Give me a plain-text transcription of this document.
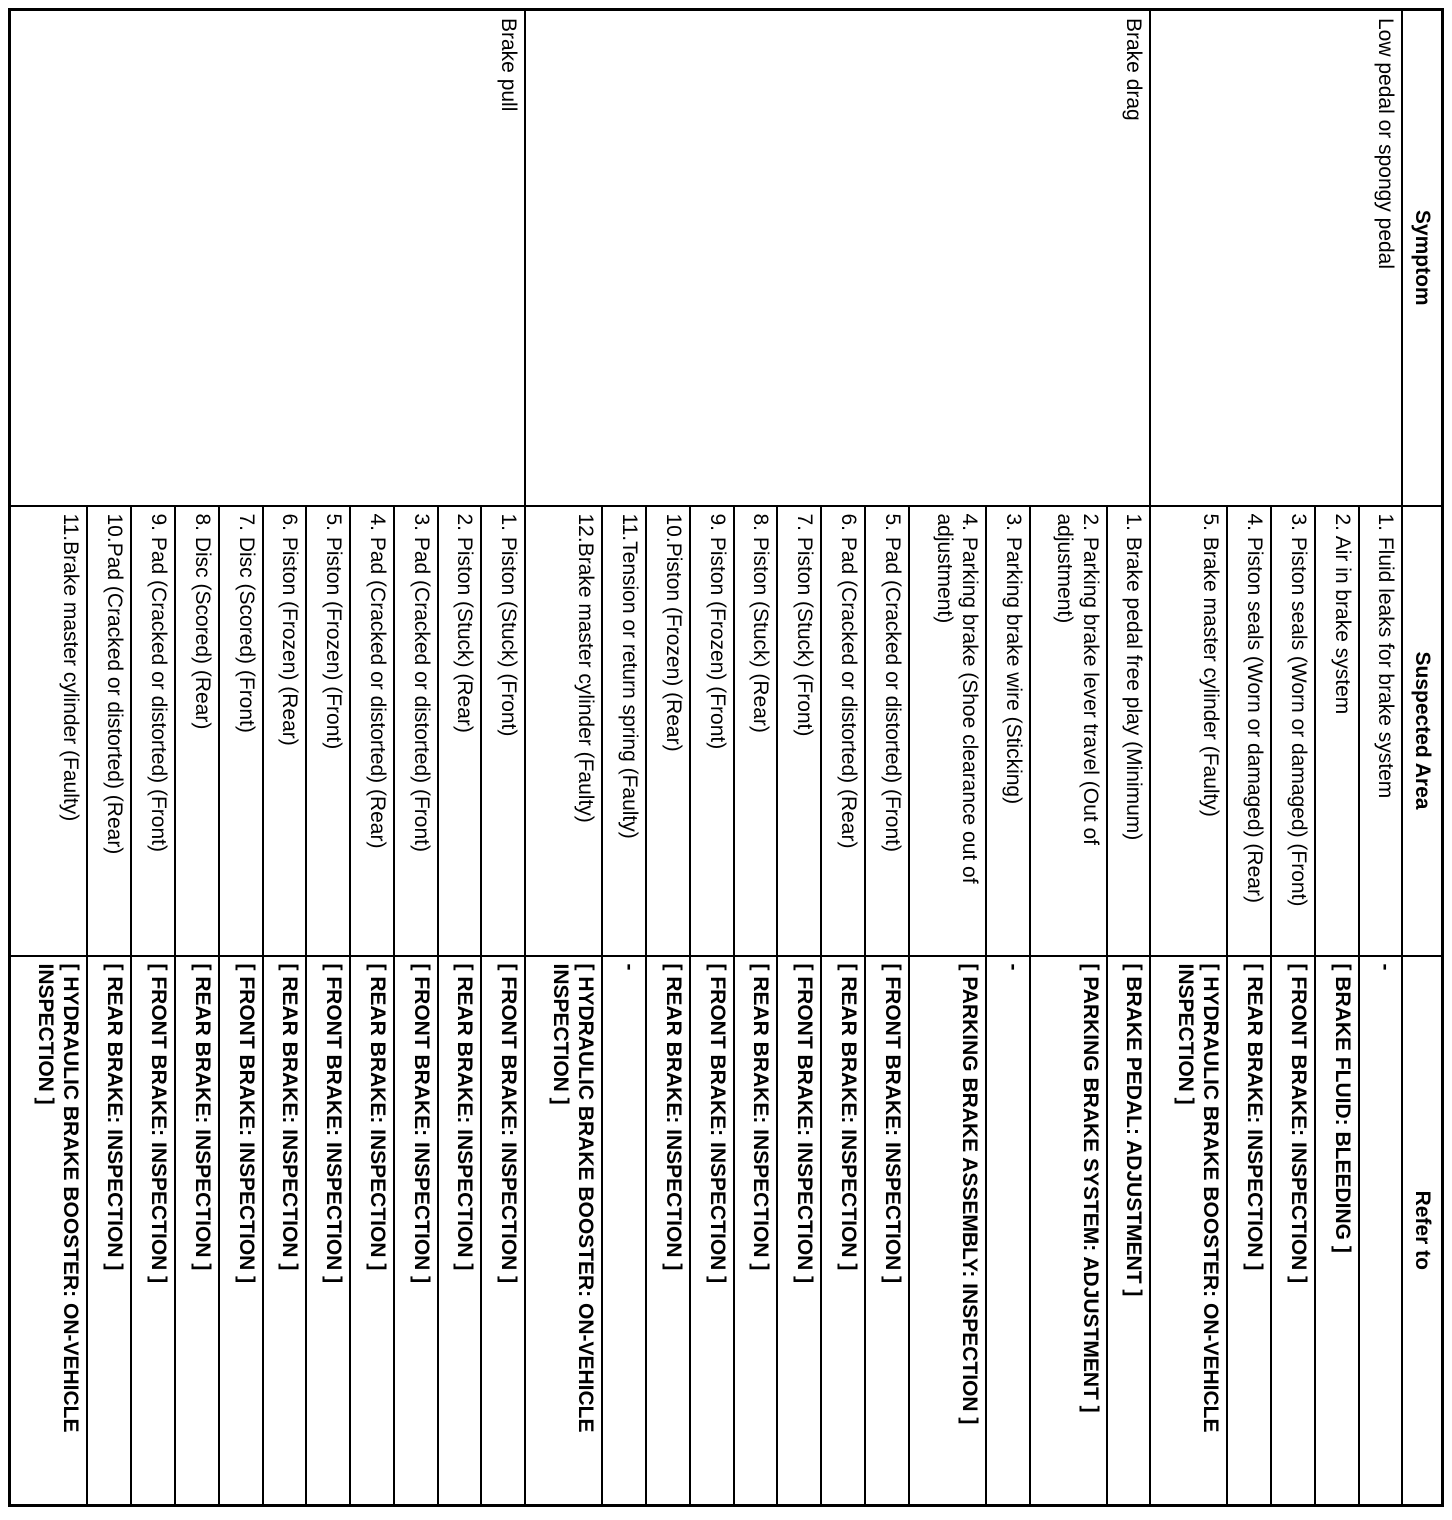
Symptom	Suspected Area	Refer to
Low pedal or spongy pedal	1. Fluid leaks for brake system	-
	2. Air in brake system	[ BRAKE FLUID: BLEEDING ]
	3. Piston seals (Worn or damaged) (Front)	[ FRONT BRAKE: INSPECTION ]
	4. Piston seals (Worn or damaged) (Rear)	[ REAR BRAKE: INSPECTION ]
	5. Brake master cylinder (Faulty)	[ HYDRAULIC BRAKE BOOSTER: ON-VEHICLE INSPECTION ]
Brake drag	1. Brake pedal free play (Minimum)	[ BRAKE PEDAL: ADJUSTMENT ]
	2. Parking brake lever travel (Out of adjustment)	[ PARKING BRAKE SYSTEM: ADJUSTMENT ]
	3. Parking brake wire (Sticking)	-
	4. Parking brake (Shoe clearance out of adjustment)	[ PARKING BRAKE ASSEMBLY: INSPECTION ]
	5. Pad (Cracked or distorted) (Front)	[ FRONT BRAKE: INSPECTION ]
	6. Pad (Cracked or distorted) (Rear)	[ REAR BRAKE: INSPECTION ]
	7. Piston (Stuck) (Front)	[ FRONT BRAKE: INSPECTION ]
	8. Piston (Stuck) (Rear)	[ REAR BRAKE: INSPECTION ]
	9. Piston (Frozen) (Front)	[ FRONT BRAKE: INSPECTION ]
	10.Piston (Frozen) (Rear)	[ REAR BRAKE: INSPECTION ]
	11.Tension or return spring (Faulty)	-
	12.Brake master cylinder (Faulty)	[ HYDRAULIC BRAKE BOOSTER: ON-VEHICLE INSPECTION ]
Brake pull	1. Piston (Stuck) (Front)	[ FRONT BRAKE: INSPECTION ]
	2. Piston (Stuck) (Rear)	[ REAR BRAKE: INSPECTION ]
	3. Pad (Cracked or distorted) (Front)	[ FRONT BRAKE: INSPECTION ]
	4. Pad (Cracked or distorted) (Rear)	[ REAR BRAKE: INSPECTION ]
	5. Piston (Frozen) (Front)	[ FRONT BRAKE: INSPECTION ]
	6. Piston (Frozen) (Rear)	[ REAR BRAKE: INSPECTION ]
	7. Disc (Scored) (Front)	[ FRONT BRAKE: INSPECTION ]
	8. Disc (Scored) (Rear)	[ REAR BRAKE: INSPECTION ]
	9. Pad (Cracked or distorted) (Front)	[ FRONT BRAKE: INSPECTION ]
	10.Pad (Cracked or distorted) (Rear)	[ REAR BRAKE: INSPECTION ]
	11.Brake master cylinder (Faulty)	[ HYDRAULIC BRAKE BOOSTER: ON-VEHICLE INSPECTION ]
